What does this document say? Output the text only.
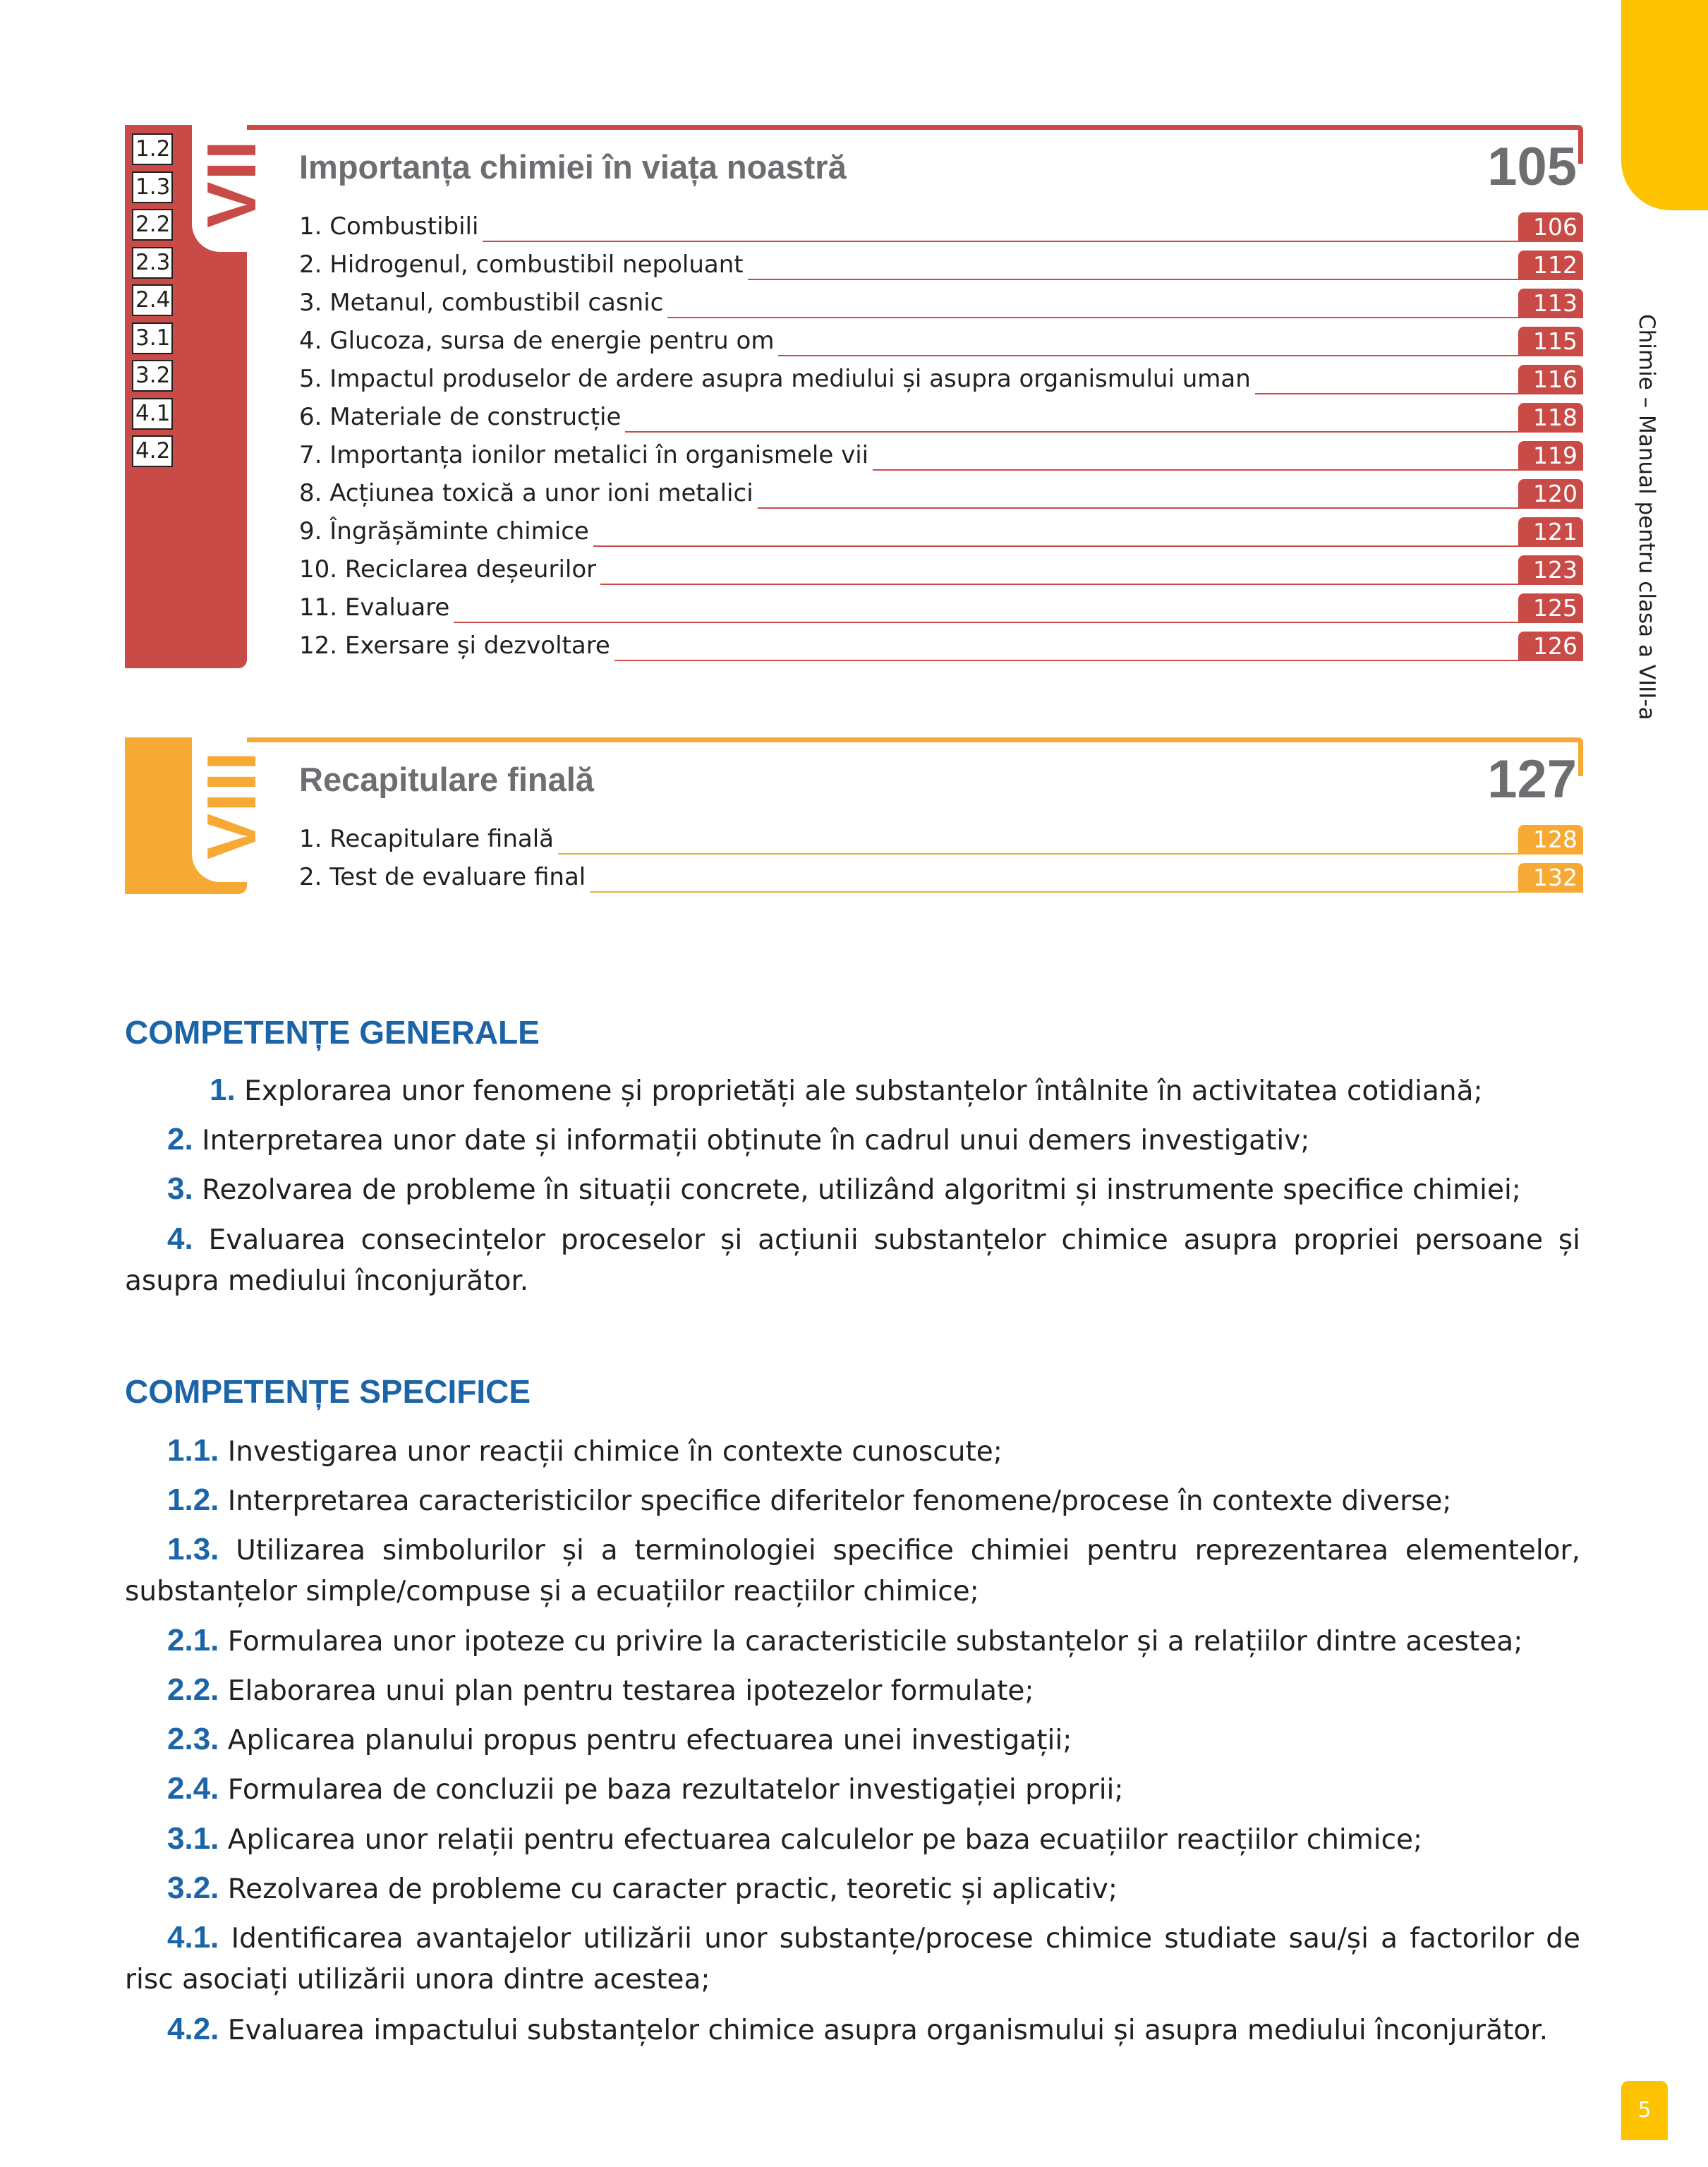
Chimie – Manual pentru clasa a VIII-a
5
VII
1.2
1.3
2.2
2.3
2.4
3.1
3.2
4.1
4.2
Importanța chimiei în viața noastră	105
1. Combustibili	106
2. Hidrogenul, combustibil nepoluant	112
3. Metanul, combustibil casnic	113
4. Glucoza, sursa de energie pentru om	115
5. Impactul produselor de ardere asupra mediului și asupra organismului uman	116
6. Materiale de construcție	118
7. Importanța ionilor metalici în organismele vii	119
8. Acțiunea toxică a unor ioni metalici	120
9. Îngrășăminte chimice	121
10. Reciclarea deșeurilor	123
11. Evaluare	125
12. Exersare și dezvoltare	126
VIII Recapitulare finală	127
1. Recapitulare finală	128
2. Test de evaluare final	132
COMPETENȚE GENERALE
1. Explorarea unor fenomene și proprietăți ale substanțelor întâlnite în activitatea cotidiană;
2. Interpretarea unor date și informații obținute în cadrul unui demers investigativ;
3. Rezolvarea de probleme în situații concrete, utilizând algoritmi și instrumente specifice chimiei;
4. Evaluarea consecințelor proceselor și acțiunii substanțelor chimice asupra propriei persoane și asupra mediului înconjurător.
COMPETENȚE SPECIFICE
1.1. Investigarea unor reacții chimice în contexte cunoscute;
1.2. Interpretarea caracteristicilor specifice diferitelor fenomene/procese în contexte diverse;
1.3. Utilizarea simbolurilor și a terminologiei specifice chimiei pentru reprezentarea elementelor, substanțelor simple/compuse și a ecuațiilor reacțiilor chimice;
2.1. Formularea unor ipoteze cu privire la caracteristicile substanțelor și a relațiilor dintre acestea;
2.2. Elaborarea unui plan pentru testarea ipotezelor formulate;
2.3. Aplicarea planului propus pentru efectuarea unei investigații;
2.4. Formularea de concluzii pe baza rezultatelor investigației proprii;
3.1. Aplicarea unor relații pentru efectuarea calculelor pe baza ecuațiilor reacțiilor chimice;
3.2. Rezolvarea de probleme cu caracter practic, teoretic și aplicativ;
4.1. Identificarea avantajelor utilizării unor substanțe/procese chimice studiate sau/și a factorilor de risc asociați utilizării unora dintre acestea;
4.2. Evaluarea impactului substanțelor chimice asupra organismului și asupra mediului înconjurător.
